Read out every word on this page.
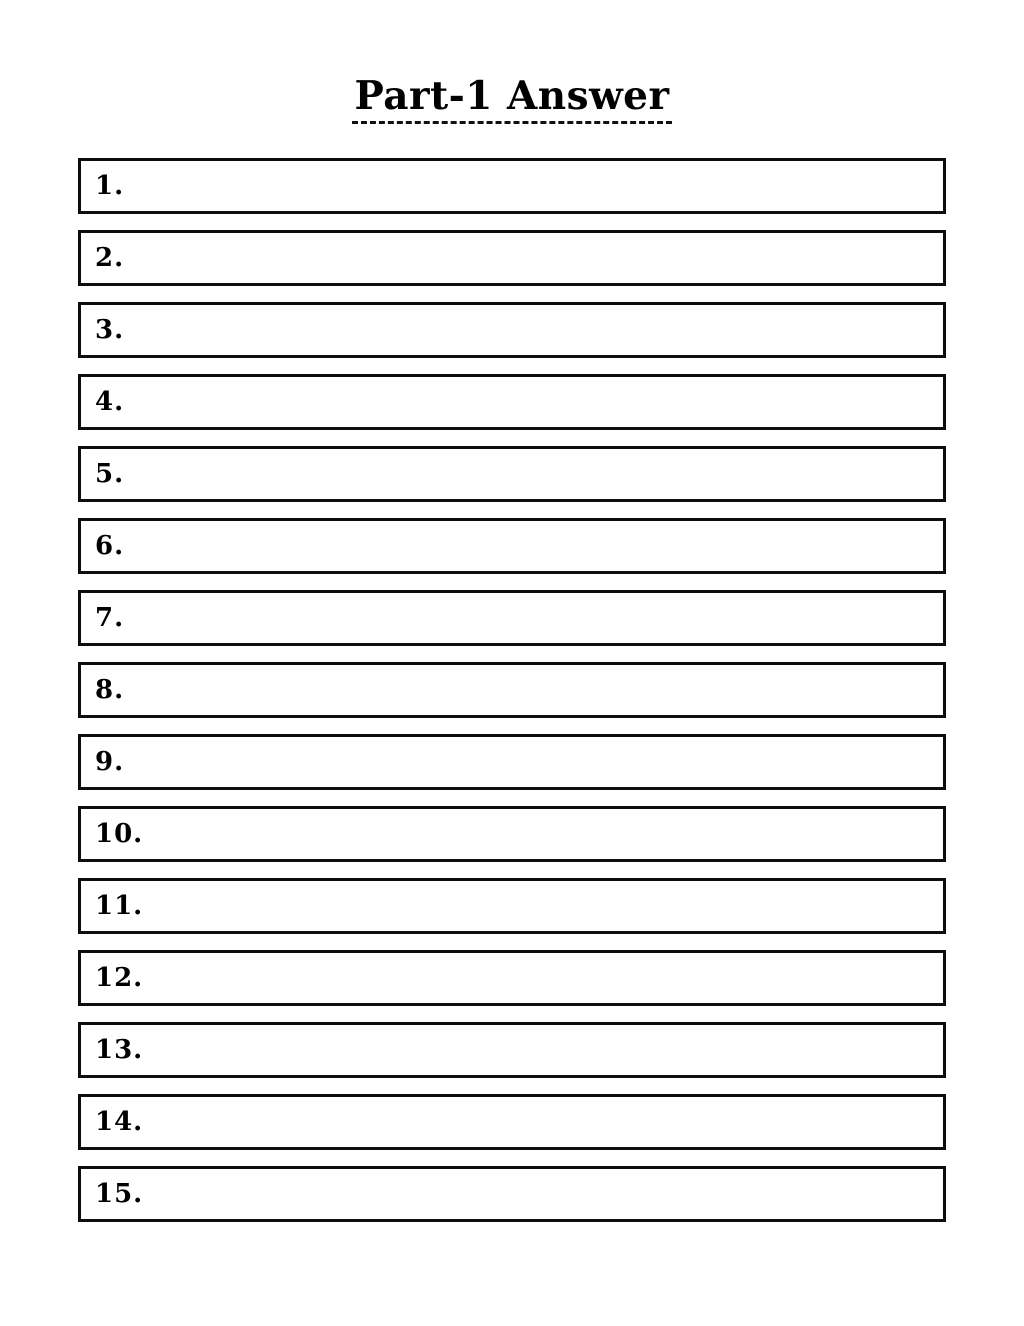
Part-1 Answer
1.
2.
3.
4.
5.
6.
7.
8.
9.
10.
11.
12.
13.
14.
15.
